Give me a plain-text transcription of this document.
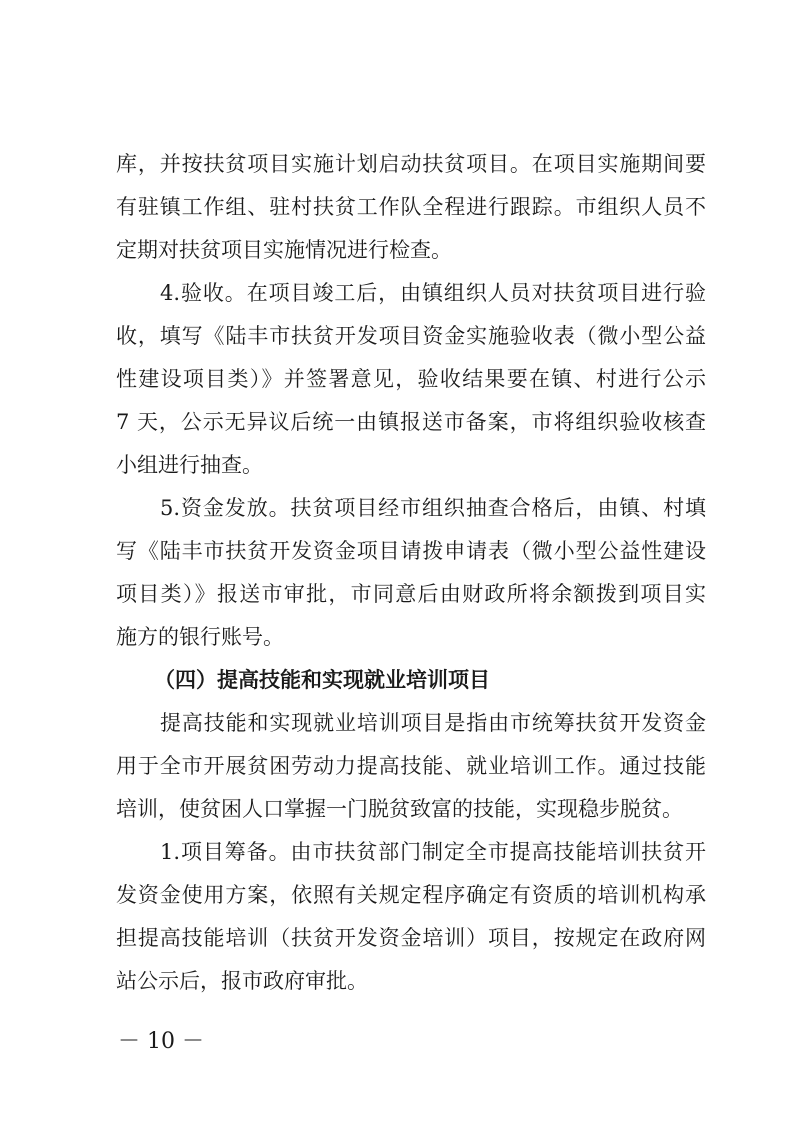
库，并按扶贫项目实施计划启动扶贫项目。在项目实施期间要
有驻镇工作组、驻村扶贫工作队全程进行跟踪。市组织人员不
定期对扶贫项目实施情况进行检查。
4.验收。在项目竣工后，由镇组织人员对扶贫项目进行验
收，填写《陆丰市扶贫开发项目资金实施验收表（微小型公益
性建设项目类）》并签署意见，验收结果要在镇、村进行公示
7 天，公示无异议后统一由镇报送市备案，市将组织验收核查
小组进行抽查。
5.资金发放。扶贫项目经市组织抽查合格后，由镇、村填
写《陆丰市扶贫开发资金项目请拨申请表（微小型公益性建设
项目类）》报送市审批，市同意后由财政所将余额拨到项目实
施方的银行账号。
（四）提高技能和实现就业培训项目
提高技能和实现就业培训项目是指由市统筹扶贫开发资金
用于全市开展贫困劳动力提高技能、就业培训工作。通过技能
培训，使贫困人口掌握一门脱贫致富的技能，实现稳步脱贫。
1.项目筹备。由市扶贫部门制定全市提高技能培训扶贫开
发资金使用方案，依照有关规定程序确定有资质的培训机构承
担提高技能培训（扶贫开发资金培训）项目，按规定在政府网
站公示后，报市政府审批。
－ 10 －
